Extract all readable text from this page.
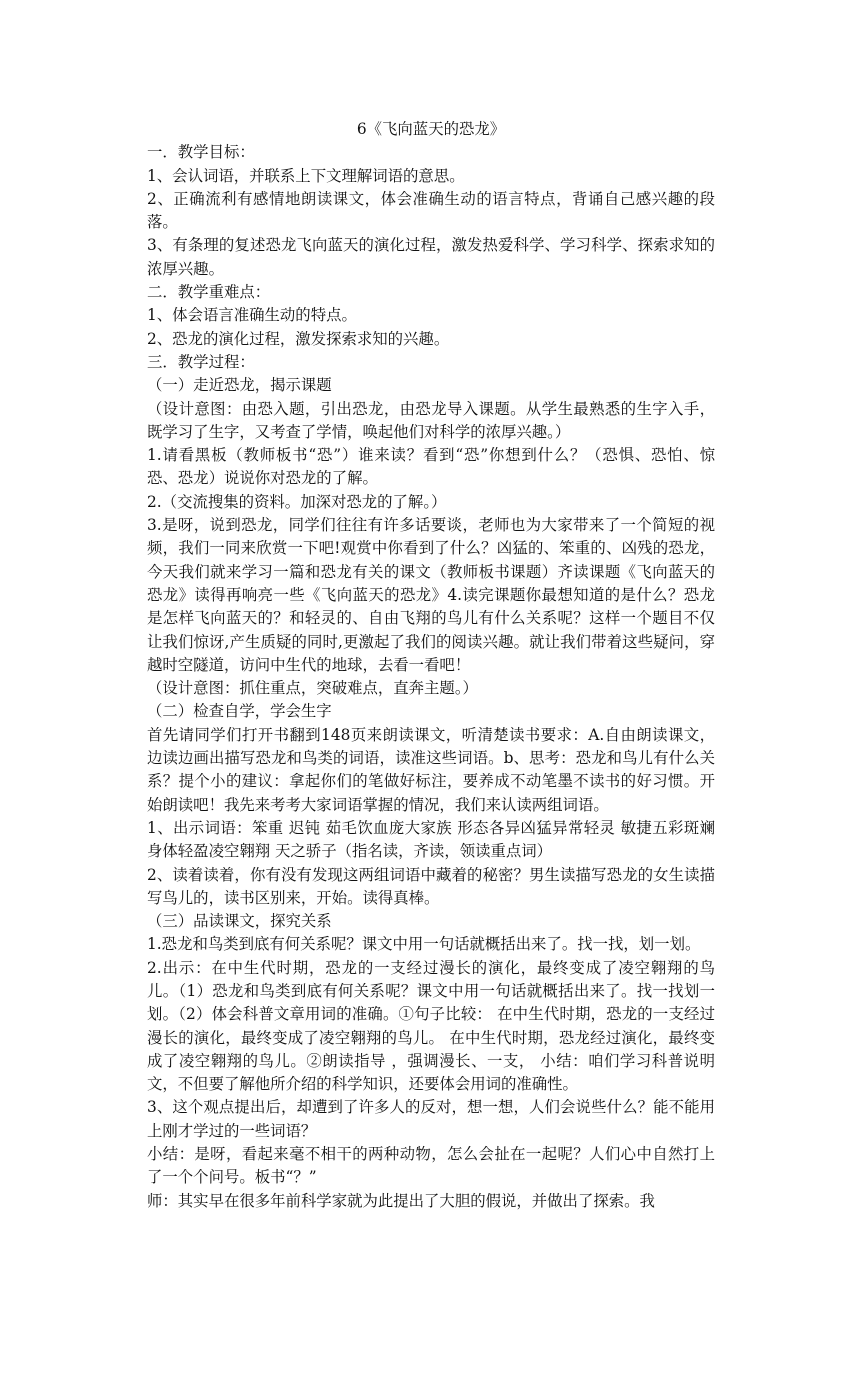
6《飞向蓝天的恐龙》

一．教学目标：

1、会认词语，并联系上下文理解词语的意思。

2、正确流利有感情地朗读课文，体会准确生动的语言特点，背诵自己感兴趣的段落。

3、有条理的复述恐龙飞向蓝天的演化过程，激发热爱科学、学习科学、探索求知的浓厚兴趣。

二．教学重难点：

1、体会语言准确生动的特点。

2、恐龙的演化过程，激发探索求知的兴趣。

三．教学过程：

（一）走近恐龙，揭示课题

（设计意图：由恐入题，引出恐龙，由恐龙导入课题。从学生最熟悉的生字入手，既学习了生字，又考查了学情，唤起他们对科学的浓厚兴趣。）

1.请看黑板（教师板书“恐”）谁来读？看到“恐”你想到什么？（恐惧、恐怕、惊恐、恐龙）说说你对恐龙的了解。

2.（交流搜集的资料。加深对恐龙的了解。）

3.是呀，说到恐龙，同学们往往有许多话要谈，老师也为大家带来了一个简短的视频，我们一同来欣赏一下吧!观赏中你看到了什么？凶猛的、笨重的、凶残的恐龙，今天我们就来学习一篇和恐龙有关的课文（教师板书课题）齐读课题《飞向蓝天的恐龙》读得再响亮一些《飞向蓝天的恐龙》4.读完课题你最想知道的是什么？恐龙是怎样飞向蓝天的？和轻灵的、自由飞翔的鸟儿有什么关系呢？这样一个题目不仅让我们惊讶,产生质疑的同时,更激起了我们的阅读兴趣。就让我们带着这些疑问，穿越时空隧道，访问中生代的地球，去看一看吧！

（设计意图：抓住重点，突破难点，直奔主题。）

（二）检查自学，学会生字

首先请同学们打开书翻到148页来朗读课文，听清楚读书要求：A.自由朗读课文，边读边画出描写恐龙和鸟类的词语，读准这些词语。b、思考：恐龙和鸟儿有什么关系？提个小的建议：拿起你们的笔做好标注，要养成不动笔墨不读书的好习惯。开始朗读吧！我先来考考大家词语掌握的情况，我们来认读两组词语。

1、出示词语：笨重 迟钝 茹毛饮血庞大家族 形态各异凶猛异常轻灵 敏捷五彩斑斓身体轻盈凌空翱翔 天之骄子（指名读，齐读，领读重点词）

2、读着读着，你有没有发现这两组词语中藏着的秘密？男生读描写恐龙的女生读描写鸟儿的，读书区别来，开始。读得真棒。

（三）品读课文，探究关系

1.恐龙和鸟类到底有何关系呢？课文中用一句话就概括出来了。找一找，划一划。

2.出示：在中生代时期，恐龙的一支经过漫长的演化，最终变成了凌空翱翔的鸟儿。（1）恐龙和鸟类到底有何关系呢？课文中用一句话就概括出来了。找一找划一划。（2）体会科普文章用词的准确。①句子比较： 在中生代时期，恐龙的一支经过漫长的演化，最终变成了凌空翱翔的鸟儿。 在中生代时期，恐龙经过演化，最终变成了凌空翱翔的鸟儿。②朗读指导 ，强调漫长、一支， 小结：咱们学习科普说明文，不但要了解他所介绍的科学知识，还要体会用词的准确性。

3、这个观点提出后，却遭到了许多人的反对，想一想，人们会说些什么？能不能用上刚才学过的一些词语？

小结：是呀，看起来毫不相干的两种动物，怎么会扯在一起呢？人们心中自然打上了一个个问号。板书“？”

师：其实早在很多年前科学家就为此提出了大胆的假说，并做出了探索。我
